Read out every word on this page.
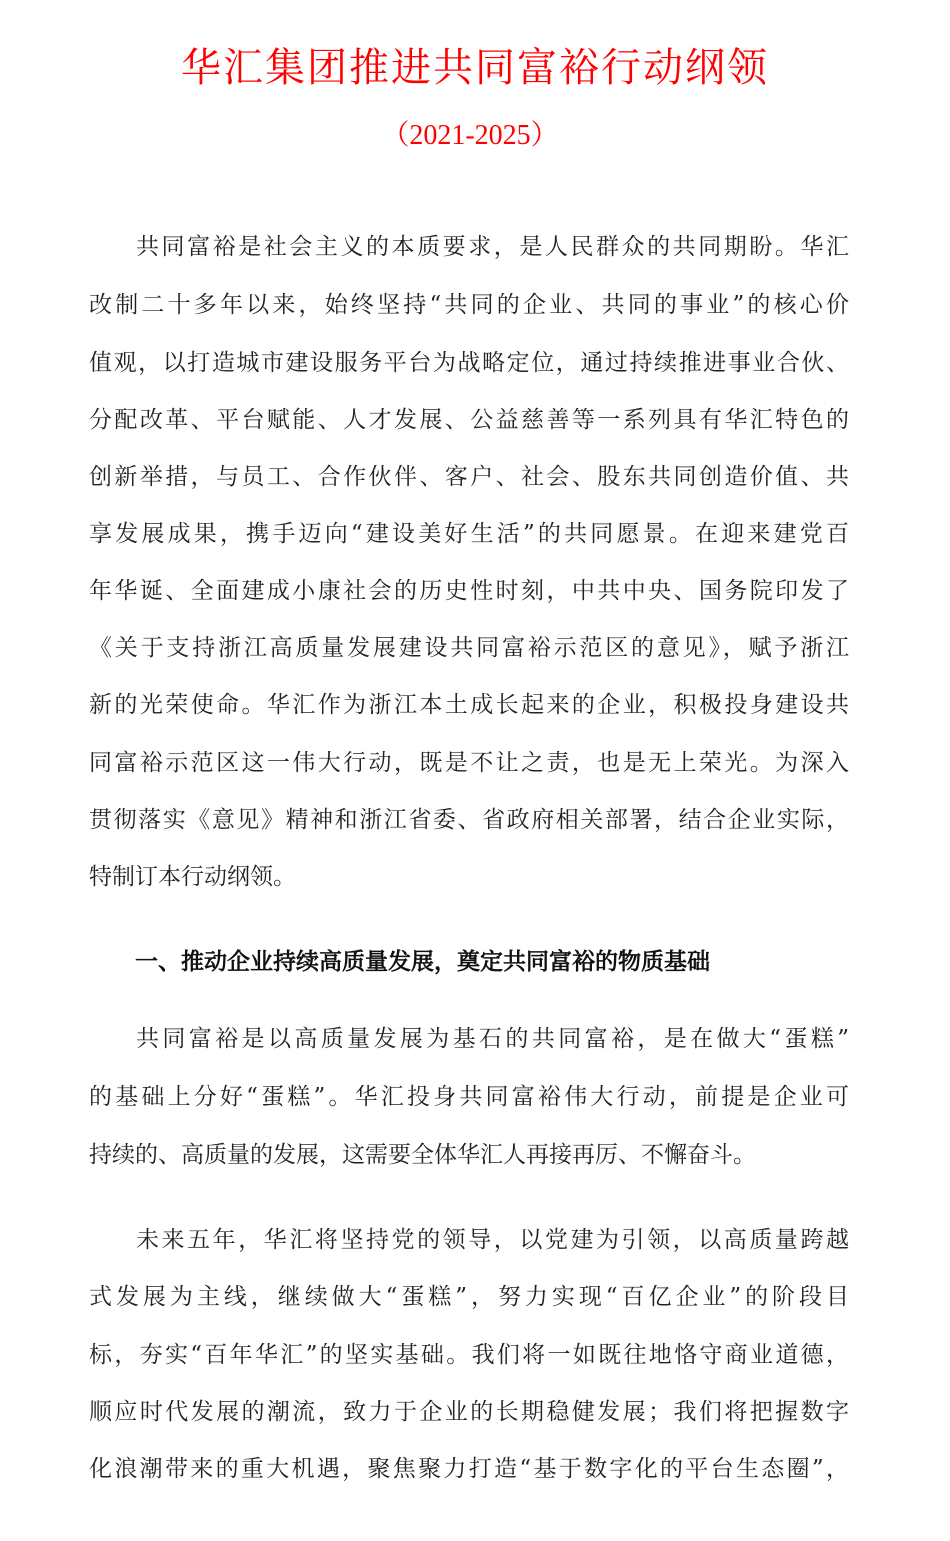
华汇集团推进共同富裕行动纲领
（2021-2025）
共同富裕是社会主义的本质要求，是人民群众的共同期盼。华汇
改制二十多年以来，始终坚持“共同的企业、共同的事业”的核心价
值观，以打造城市建设服务平台为战略定位，通过持续推进事业合伙、
分配改革、平台赋能、人才发展、公益慈善等一系列具有华汇特色的
创新举措，与员工、合作伙伴、客户、社会、股东共同创造价值、共
享发展成果，携手迈向“建设美好生活”的共同愿景。在迎来建党百
年华诞、全面建成小康社会的历史性时刻，中共中央、国务院印发了
《关于支持浙江高质量发展建设共同富裕示范区的意见》，赋予浙江
新的光荣使命。华汇作为浙江本土成长起来的企业，积极投身建设共
同富裕示范区这一伟大行动，既是不让之责，也是无上荣光。为深入
贯彻落实《意见》精神和浙江省委、省政府相关部署，结合企业实际，
特制订本行动纲领。
一、推动企业持续高质量发展，奠定共同富裕的物质基础
共同富裕是以高质量发展为基石的共同富裕，是在做大“蛋糕”
的基础上分好“蛋糕”。华汇投身共同富裕伟大行动，前提是企业可
持续的、高质量的发展，这需要全体华汇人再接再厉、不懈奋斗。
未来五年，华汇将坚持党的领导，以党建为引领，以高质量跨越
式发展为主线，继续做大“蛋糕”，努力实现“百亿企业”的阶段目
标，夯实“百年华汇”的坚实基础。我们将一如既往地恪守商业道德，
顺应时代发展的潮流，致力于企业的长期稳健发展；我们将把握数字
化浪潮带来的重大机遇，聚焦聚力打造“基于数字化的平台生态圈”，
